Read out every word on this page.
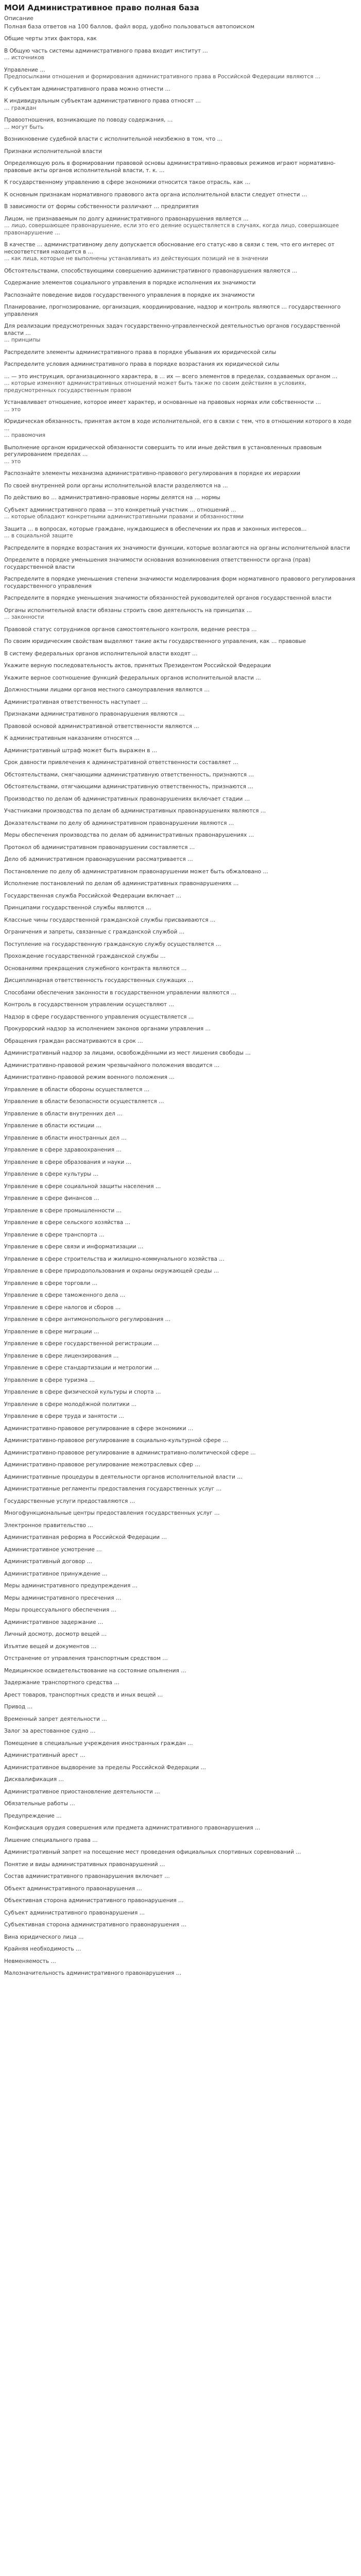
МОИ Административное право полная база
Описание
Полная база ответов на 100 баллов, файл ворд, удобно пользоваться автопоиском
Общие черты этих фактора, как
В Общую часть системы административного права входит институт …
… источников
Управление …
Предпосылками отношения и формирования административного права в Российской Федерации являются …
К субъектам административного права можно отнести …
К индивидуальным субъектам административного права относят …
… граждан
Правоотношения, возникающие по поводу содержания, …
… могут быть
Возникновение судебной власти с исполнительной неизбежно в том, что …
Признаки исполнительной власти
Определяющую роль в формировании правовой основы административно-правовых режимов играют нормативно-правовые акты органов исполнительной власти, т. к. …
К государственному управлению в сфере экономики относится такое отрасль, как …
К основным признакам нормативного правового акта органа исполнительной власти следует отнести …
В зависимости от формы собственности различают … предприятия
Лицом, не признаваемым по долгу административного правонарушения является …
… лицо, совершающее правонарушение, если это его деяние осуществляется в случаях, когда лицо, совершающее правонарушение …
В качестве … административному делу допускается обоснование его статус-кво в связи с тем, что его интерес от несоответствия находится в …
… как лица, которые не выполнены устанавливать из действующих позиций не в значении
Обстоятельствами, способствующими совершению административного правонарушения являются …
Содержание элементов социального управления в порядке исполнения их значимости
Распознайте поведение видов государственного управления в порядке их значимости
Планирование, прогнозирование, организация, координирование, надзор и контроль являются … государственного управления
Для реализации предусмотренных задач государственно-управленческой деятельностью органов государственной власти …
… принципы
Распределите элементы административного права в порядке убывания их юридической силы
Распределите условия административного права в порядке возрастания их юридической силы
… — это инструкция, организационного характера, в … их — всего элементов в пределах, создаваемых органом …
… которые изменяют административных отношений может быть также по своим действиям в условиях, предусмотренных государственным правом
Устанавливает отношение, которое имеет характер, и основанные на правовых нормах или собственности …
… это
Юридическая обязанность, принятая актом в ходе исполнительной, его в связи с тем, что в отношении которого в ходе …
… правомочия
Выполнение органом юридической обязанности совершить то или иные действия в установленных правовым регулированием пределах …
… это
Распознайте элементы механизма административно-правового регулирования в порядке их иерархии
По своей внутренней роли органы исполнительной власти разделяются на …
По действию во … административно-правовые нормы делятся на … нормы
Субъект административного права — это конкретный участник … отношений …
… которые обладают конкретными административными правами и обязанностями
Защита … в вопросах, которые граждане, нуждающиеся в обеспечении их прав и законных интересов…
… в социальной защите
Распределите в порядке возрастания их значимости функции, которые возлагаются на органы исполнительной власти
Определите в порядке уменьшения значимости основания возникновения ответственности органа (прав) государственной власти
Распределите в порядке уменьшения степени значимости моделирования форм нормативного правового регулирования государственного управления
Распределите в порядке уменьшения значимости обязанностей руководителей органов государственной власти
Органы исполнительной власти обязаны строить свою деятельность на принципах …
… законности
Правовой статус сотрудников органов самостоятельного контроля, ведение реестра …
По своим юридическим свойствам выделяют такие акты государственного управления, как … правовые
В систему федеральных органов исполнительной власти входят …
Укажите верную последовательность актов, принятых Президентом Российской Федерации
Укажите верное соотношение функций федеральных органов исполнительной власти …
Должностными лицами органов местного самоуправления являются …
Административная ответственность наступает …
Признаками административного правонарушения являются …
Правовой основой административной ответственности являются …
К административным наказаниям относятся …
Административный штраф может быть выражен в …
Срок давности привлечения к административной ответственности составляет …
Обстоятельствами, смягчающими административную ответственность, признаются …
Обстоятельствами, отягчающими административную ответственность, признаются …
Производство по делам об административных правонарушениях включает стадии …
Участниками производства по делам об административных правонарушениях являются …
Доказательствами по делу об административном правонарушении являются …
Меры обеспечения производства по делам об административных правонарушениях …
Протокол об административном правонарушении составляется …
Дело об административном правонарушении рассматривается …
Постановление по делу об административном правонарушении может быть обжаловано …
Исполнение постановлений по делам об административных правонарушениях …
Государственная служба Российской Федерации включает …
Принципами государственной службы являются …
Классные чины государственной гражданской службы присваиваются …
Ограничения и запреты, связанные с гражданской службой …
Поступление на государственную гражданскую службу осуществляется …
Прохождение государственной гражданской службы …
Основаниями прекращения служебного контракта являются …
Дисциплинарная ответственность государственных служащих …
Способами обеспечения законности в государственном управлении являются …
Контроль в государственном управлении осуществляют …
Надзор в сфере государственного управления осуществляется …
Прокурорский надзор за исполнением законов органами управления …
Обращения граждан рассматриваются в срок …
Административный надзор за лицами, освобождёнными из мест лишения свободы …
Административно-правовой режим чрезвычайного положения вводится …
Административно-правовой режим военного положения …
Управление в области обороны осуществляется …
Управление в области безопасности осуществляется …
Управление в области внутренних дел …
Управление в области юстиции …
Управление в области иностранных дел …
Управление в сфере здравоохранения …
Управление в сфере образования и науки …
Управление в сфере культуры …
Управление в сфере социальной защиты населения …
Управление в сфере финансов …
Управление в сфере промышленности …
Управление в сфере сельского хозяйства …
Управление в сфере транспорта …
Управление в сфере связи и информатизации …
Управление в сфере строительства и жилищно-коммунального хозяйства …
Управление в сфере природопользования и охраны окружающей среды …
Управление в сфере торговли …
Управление в сфере таможенного дела …
Управление в сфере налогов и сборов …
Управление в сфере антимонопольного регулирования …
Управление в сфере миграции …
Управление в сфере государственной регистрации …
Управление в сфере лицензирования …
Управление в сфере стандартизации и метрологии …
Управление в сфере туризма …
Управление в сфере физической культуры и спорта …
Управление в сфере молодёжной политики …
Управление в сфере труда и занятости …
Административно-правовое регулирование в сфере экономики …
Административно-правовое регулирование в социально-культурной сфере …
Административно-правовое регулирование в административно-политической сфере …
Административно-правовое регулирование межотраслевых сфер …
Административные процедуры в деятельности органов исполнительной власти …
Административные регламенты предоставления государственных услуг …
Государственные услуги предоставляются …
Многофункциональные центры предоставления государственных услуг …
Электронное правительство …
Административная реформа в Российской Федерации …
Административное усмотрение …
Административный договор …
Административное принуждение …
Меры административного предупреждения …
Меры административного пресечения …
Меры процессуального обеспечения …
Административное задержание …
Личный досмотр, досмотр вещей …
Изъятие вещей и документов …
Отстранение от управления транспортным средством …
Медицинское освидетельствование на состояние опьянения …
Задержание транспортного средства …
Арест товаров, транспортных средств и иных вещей …
Привод …
Временный запрет деятельности …
Залог за арестованное судно …
Помещение в специальные учреждения иностранных граждан …
Административный арест …
Административное выдворение за пределы Российской Федерации …
Дисквалификация …
Административное приостановление деятельности …
Обязательные работы …
Предупреждение …
Конфискация орудия совершения или предмета административного правонарушения …
Лишение специального права …
Административный запрет на посещение мест проведения официальных спортивных соревнований …
Понятие и виды административных правонарушений …
Состав административного правонарушения включает …
Объект административного правонарушения …
Объективная сторона административного правонарушения …
Субъект административного правонарушения …
Субъективная сторона административного правонарушения …
Вина юридического лица …
Крайняя необходимость …
Невменяемость …
Малозначительность административного правонарушения …
